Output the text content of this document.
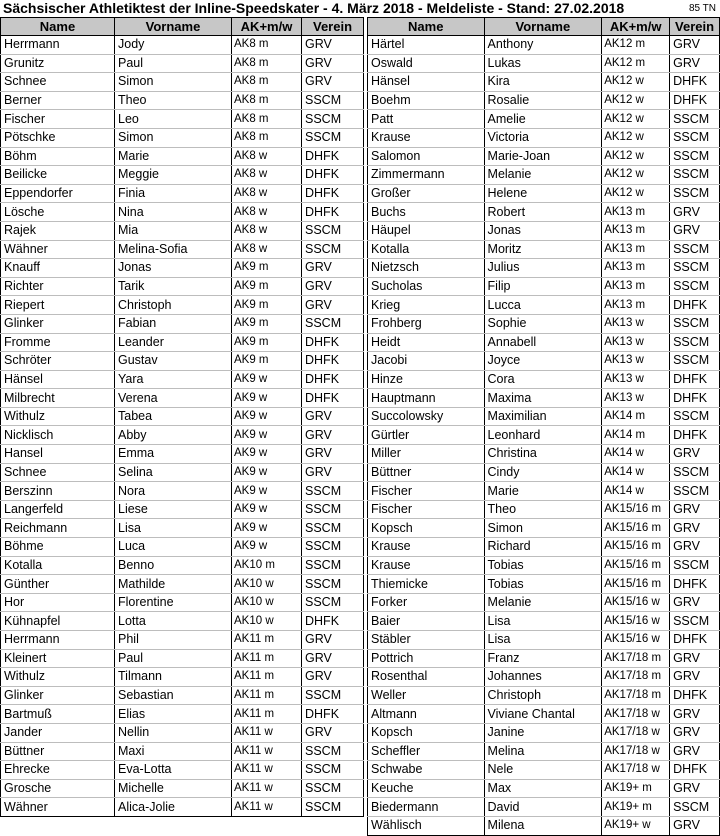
Sächsischer Athletiktest der Inline-Speedskater - 4. März 2018 - Meldeliste - Stand: 27.02.2018	85 TN
Name	Vorname	AK+m/w	Verein
Herrmann	Jody	AK8 m	GRV
Grunitz	Paul	AK8 m	GRV
Schnee	Simon	AK8 m	GRV
Berner	Theo	AK8 m	SSCM
Fischer	Leo	AK8 m	SSCM
Pötschke	Simon	AK8 m	SSCM
Böhm	Marie	AK8 w	DHFK
Beilicke	Meggie	AK8 w	DHFK
Eppendorfer	Finia	AK8 w	DHFK
Lösche	Nina	AK8 w	DHFK
Rajek	Mia	AK8 w	SSCM
Wähner	Melina-Sofia	AK8 w	SSCM
Knauff	Jonas	AK9 m	GRV
Richter	Tarik	AK9 m	GRV
Riepert	Christoph	AK9 m	GRV
Glinker	Fabian	AK9 m	SSCM
Fromme	Leander	AK9 m	DHFK
Schröter	Gustav	AK9 m	DHFK
Hänsel	Yara	AK9 w	DHFK
Milbrecht	Verena	AK9 w	DHFK
Withulz	Tabea	AK9 w	GRV
Nicklisch	Abby	AK9 w	GRV
Hansel	Emma	AK9 w	GRV
Schnee	Selina	AK9 w	GRV
Berszinn	Nora	AK9 w	SSCM
Langerfeld	Liese	AK9 w	SSCM
Reichmann	Lisa	AK9 w	SSCM
Böhme	Luca	AK9 w	SSCM
Kotalla	Benno	AK10 m	SSCM
Günther	Mathilde	AK10 w	SSCM
Hor	Florentine	AK10 w	SSCM
Kühnapfel	Lotta	AK10 w	DHFK
Herrmann	Phil	AK11 m	GRV
Kleinert	Paul	AK11 m	GRV
Withulz	Tilmann	AK11 m	GRV
Glinker	Sebastian	AK11 m	SSCM
Bartmuß	Elias	AK11 m	DHFK
Jander	Nellin	AK11 w	GRV
Büttner	Maxi	AK11 w	SSCM
Ehrecke	Eva-Lotta	AK11 w	SSCM
Grosche	Michelle	AK11 w	SSCM
Wähner	Alica-Jolie	AK11 w	SSCM
Name	Vorname	AK+m/w	Verein
Härtel	Anthony	AK12 m	GRV
Oswald	Lukas	AK12 m	GRV
Hänsel	Kira	AK12 w	DHFK
Boehm	Rosalie	AK12 w	DHFK
Patt	Amelie	AK12 w	SSCM
Krause	Victoria	AK12 w	SSCM
Salomon	Marie-Joan	AK12 w	SSCM
Zimmermann	Melanie	AK12 w	SSCM
Großer	Helene	AK12 w	SSCM
Buchs	Robert	AK13 m	GRV
Häupel	Jonas	AK13 m	GRV
Kotalla	Moritz	AK13 m	SSCM
Nietzsch	Julius	AK13 m	SSCM
Sucholas	Filip	AK13 m	SSCM
Krieg	Lucca	AK13 m	DHFK
Frohberg	Sophie	AK13 w	SSCM
Heidt	Annabell	AK13 w	SSCM
Jacobi	Joyce	AK13 w	SSCM
Hinze	Cora	AK13 w	DHFK
Hauptmann	Maxima	AK13 w	DHFK
Succolowsky	Maximilian	AK14 m	SSCM
Gürtler	Leonhard	AK14 m	DHFK
Miller	Christina	AK14 w	GRV
Büttner	Cindy	AK14 w	SSCM
Fischer	Marie	AK14 w	SSCM
Fischer	Theo	AK15/16 m	GRV
Kopsch	Simon	AK15/16 m	GRV
Krause	Richard	AK15/16 m	GRV
Krause	Tobias	AK15/16 m	SSCM
Thiemicke	Tobias	AK15/16 m	DHFK
Forker	Melanie	AK15/16 w	GRV
Baier	Lisa	AK15/16 w	SSCM
Stäbler	Lisa	AK15/16 w	DHFK
Pottrich	Franz	AK17/18 m	GRV
Rosenthal	Johannes	AK17/18 m	GRV
Weller	Christoph	AK17/18 m	DHFK
Altmann	Viviane Chantal	AK17/18 w	GRV
Kopsch	Janine	AK17/18 w	GRV
Scheffler	Melina	AK17/18 w	GRV
Schwabe	Nele	AK17/18 w	DHFK
Keuche	Max	AK19+ m	GRV
Biedermann	David	AK19+ m	SSCM
Wählisch	Milena	AK19+ w	GRV
